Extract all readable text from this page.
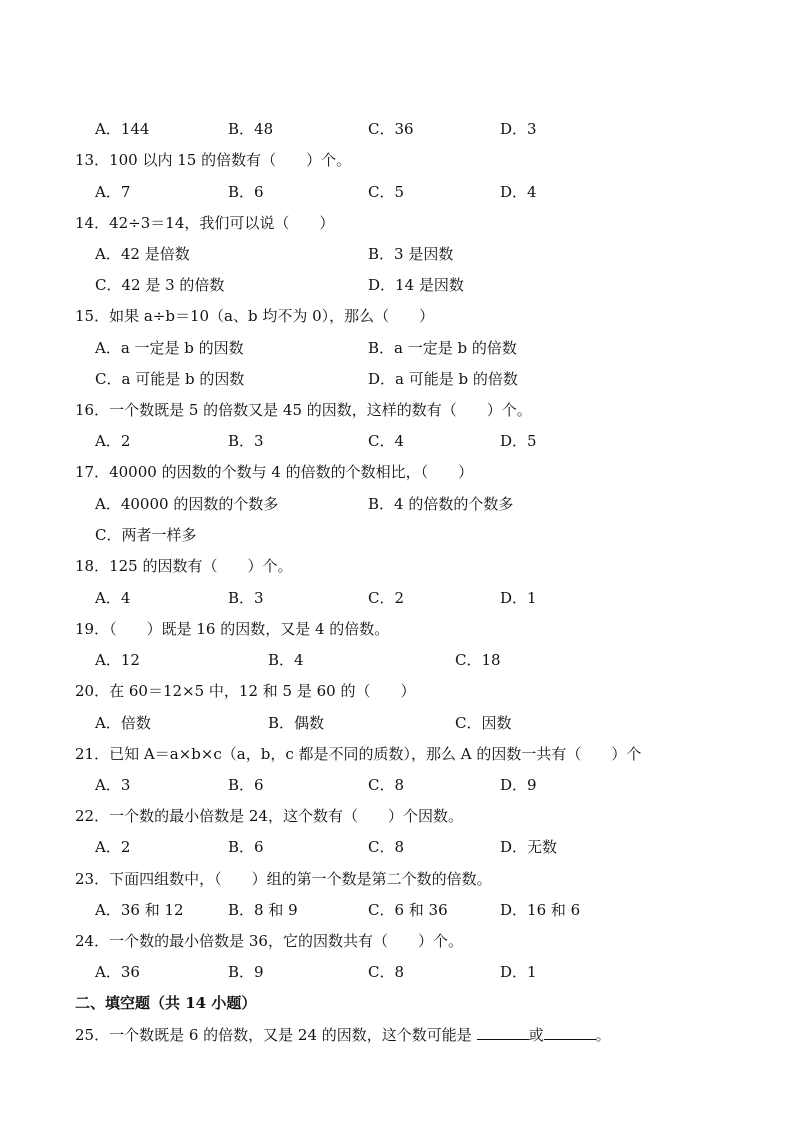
A．144	B．48	C．36	D．3
13．100 以内 15 的倍数有（　　）个。
A．7	B．6	C．5	D．4
14．42÷3＝14，我们可以说（　　）
A．42 是倍数	B．3 是因数
C．42 是 3 的倍数	D．14 是因数
15．如果 a÷b＝10（a、b 均不为 0），那么（　　）
A．a 一定是 b 的因数	B．a 一定是 b 的倍数
C．a 可能是 b 的因数	D．a 可能是 b 的倍数
16．一个数既是 5 的倍数又是 45 的因数，这样的数有（　　）个。
A．2	B．3	C．4	D．5
17．40000 的因数的个数与 4 的倍数的个数相比，（　　）
A．40000 的因数的个数多	B．4 的倍数的个数多
C．两者一样多
18．125 的因数有（　　）个。
A．4	B．3	C．2	D．1
19．（　　）既是 16 的因数，又是 4 的倍数。
A．12	B．4	C．18
20．在 60＝12×5 中，12 和 5 是 60 的（　　）
A．倍数	B．偶数	C．因数
21．已知 A＝a×b×c（a，b，c 都是不同的质数），那么 A 的因数一共有（　　）个
A．3	B．6	C．8	D．9
22．一个数的最小倍数是 24，这个数有（　　）个因数。
A．2	B．6	C．8	D．无数
23．下面四组数中，（　　）组的第一个数是第二个数的倍数。
A．36 和 12	B．8 和 9	C．6 和 36	D．16 和 6
24．一个数的最小倍数是 36，它的因数共有（　　）个。
A．36	B．9	C．8	D．1
二、填空题（共 14 小题）
25．一个数既是 6 的倍数，又是 24 的因数，这个数可能是	或	。
